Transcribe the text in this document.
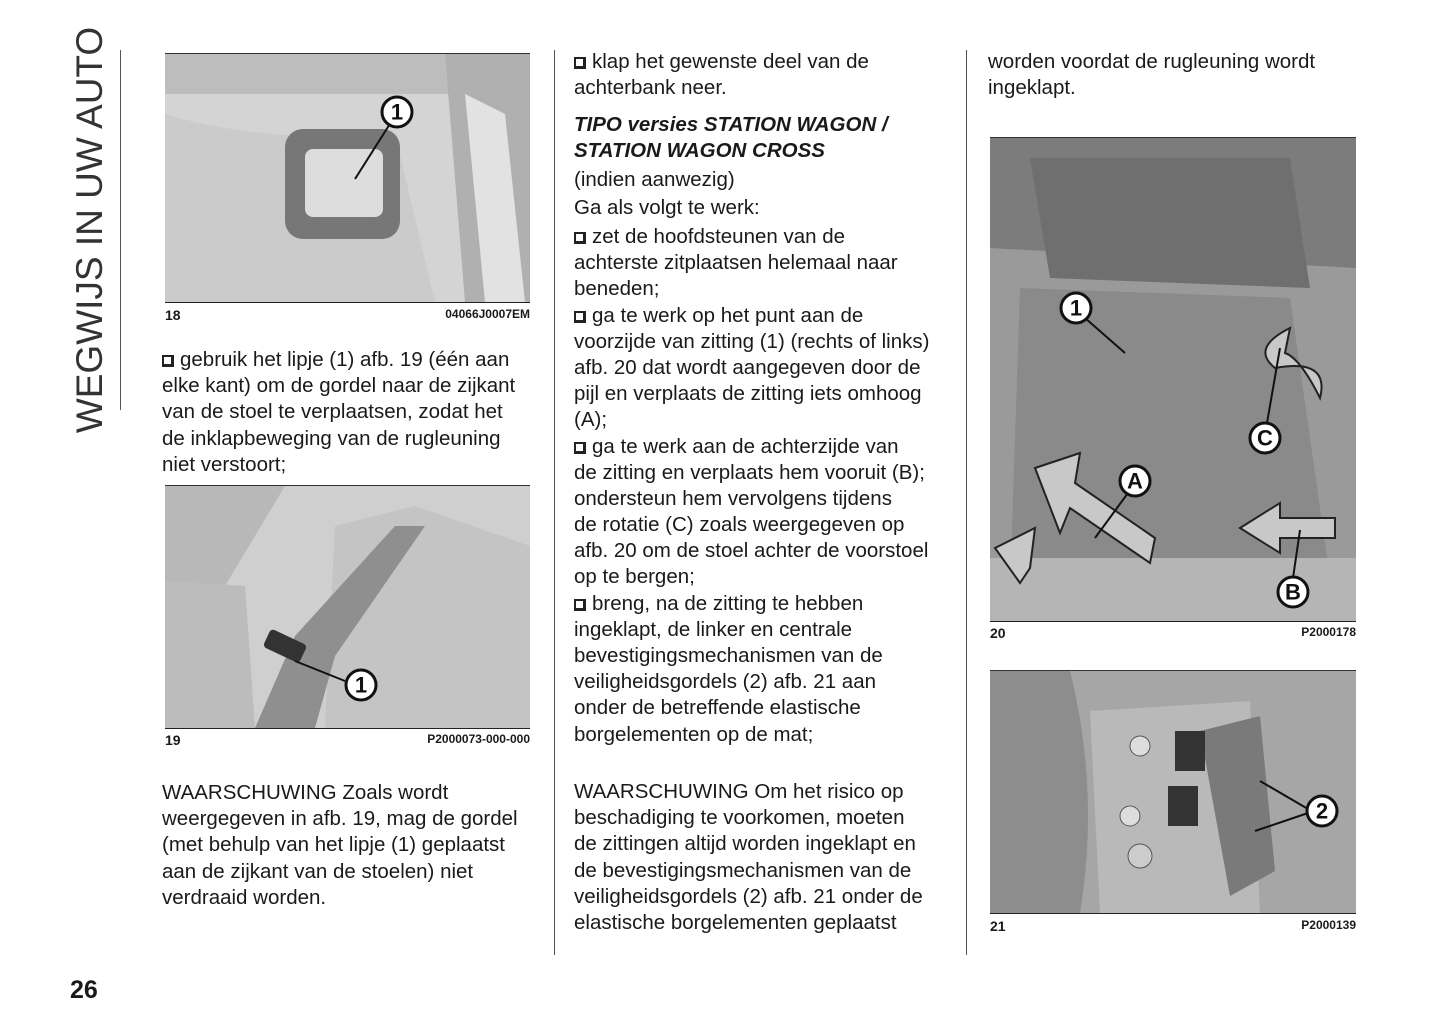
WEGWIJS IN UW AUTO
26
1
18	04066J0007EM
gebruik het lipje (1) afb. 19 (één aan
elke kant) om de gordel naar de zijkant
van de stoel te verplaatsen, zodat het
de inklapbeweging van de rugleuning
niet verstoort;
1
19	P2000073-000-000
WAARSCHUWING Zoals wordt
weergegeven in afb. 19, mag de gordel
(met behulp van het lipje (1) geplaatst
aan de zijkant van de stoelen) niet
verdraaid worden.
klap het gewenste deel van de
achterbank neer.
TIPO versies STATION WAGON /
STATION WAGON CROSS
(indien aanwezig)
Ga als volgt te werk:
zet de hoofdsteunen van de
achterste zitplaatsen helemaal naar
beneden;
ga te werk op het punt aan de
voorzijde van zitting (1) (rechts of links)
afb. 20 dat wordt aangegeven door de
pijl en verplaats de zitting iets omhoog
(A);
ga te werk aan de achterzijde van
de zitting en verplaats hem vooruit (B);
ondersteun hem vervolgens tijdens
de rotatie (C) zoals weergegeven op
afb. 20 om de stoel achter de voorstoel
op te bergen;
breng, na de zitting te hebben
ingeklapt, de linker en centrale
bevestigingsmechanismen van de
veiligheidsgordels (2) afb. 21 aan
onder de betreffende elastische
borgelementen op de mat;
WAARSCHUWING Om het risico op
beschadiging te voorkomen, moeten
de zittingen altijd worden ingeklapt en
de bevestigingsmechanismen van de
veiligheidsgordels (2) afb. 21 onder de
elastische borgelementen geplaatst
worden voordat de rugleuning wordt
ingeklapt.
1
C
A
B
20	P2000178
2
21	P2000139
